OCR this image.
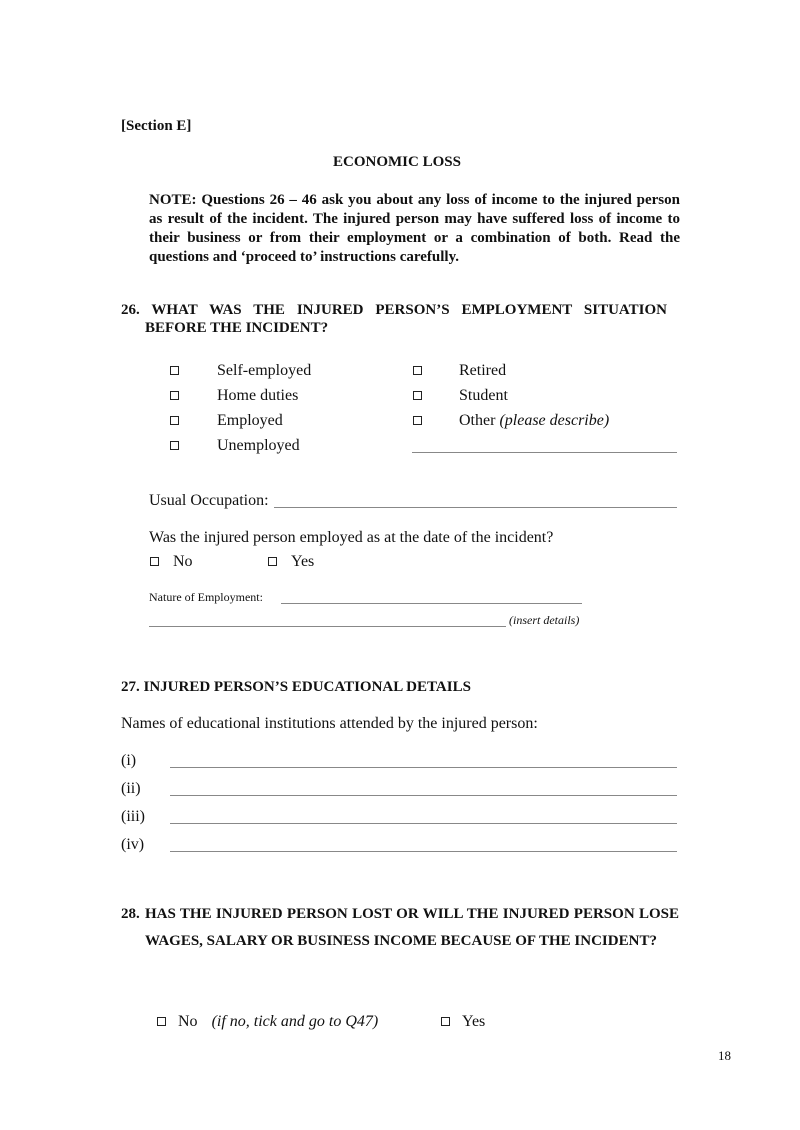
[Section E]
ECONOMIC LOSS
NOTE: Questions 26 – 46 ask you about any loss of income to the injured person as result of the incident. The injured person may have suffered loss of income to their business or from their employment or a combination of both. Read the questions and ‘proceed to’ instructions carefully.
26. WHAT WAS THE INJURED PERSON’S EMPLOYMENT SITUATION
BEFORE THE INCIDENT?
Self-employed
Home duties
Employed
Unemployed
Retired
Student
Other (please describe)
Usual Occupation:
Was the injured person employed as at the date of the incident?
No	Yes
Nature of Employment:
(insert details)
27. INJURED PERSON’S EDUCATIONAL DETAILS
Names of educational institutions attended by the injured person:
(i)
(ii)
(iii)
(iv)
28. HAS THE INJURED PERSON LOST OR WILL THE INJURED PERSON LOSE WAGES, SALARY OR BUSINESS INCOME BECAUSE OF THE INCIDENT?
No (if no, tick and go to Q47)	Yes
18
